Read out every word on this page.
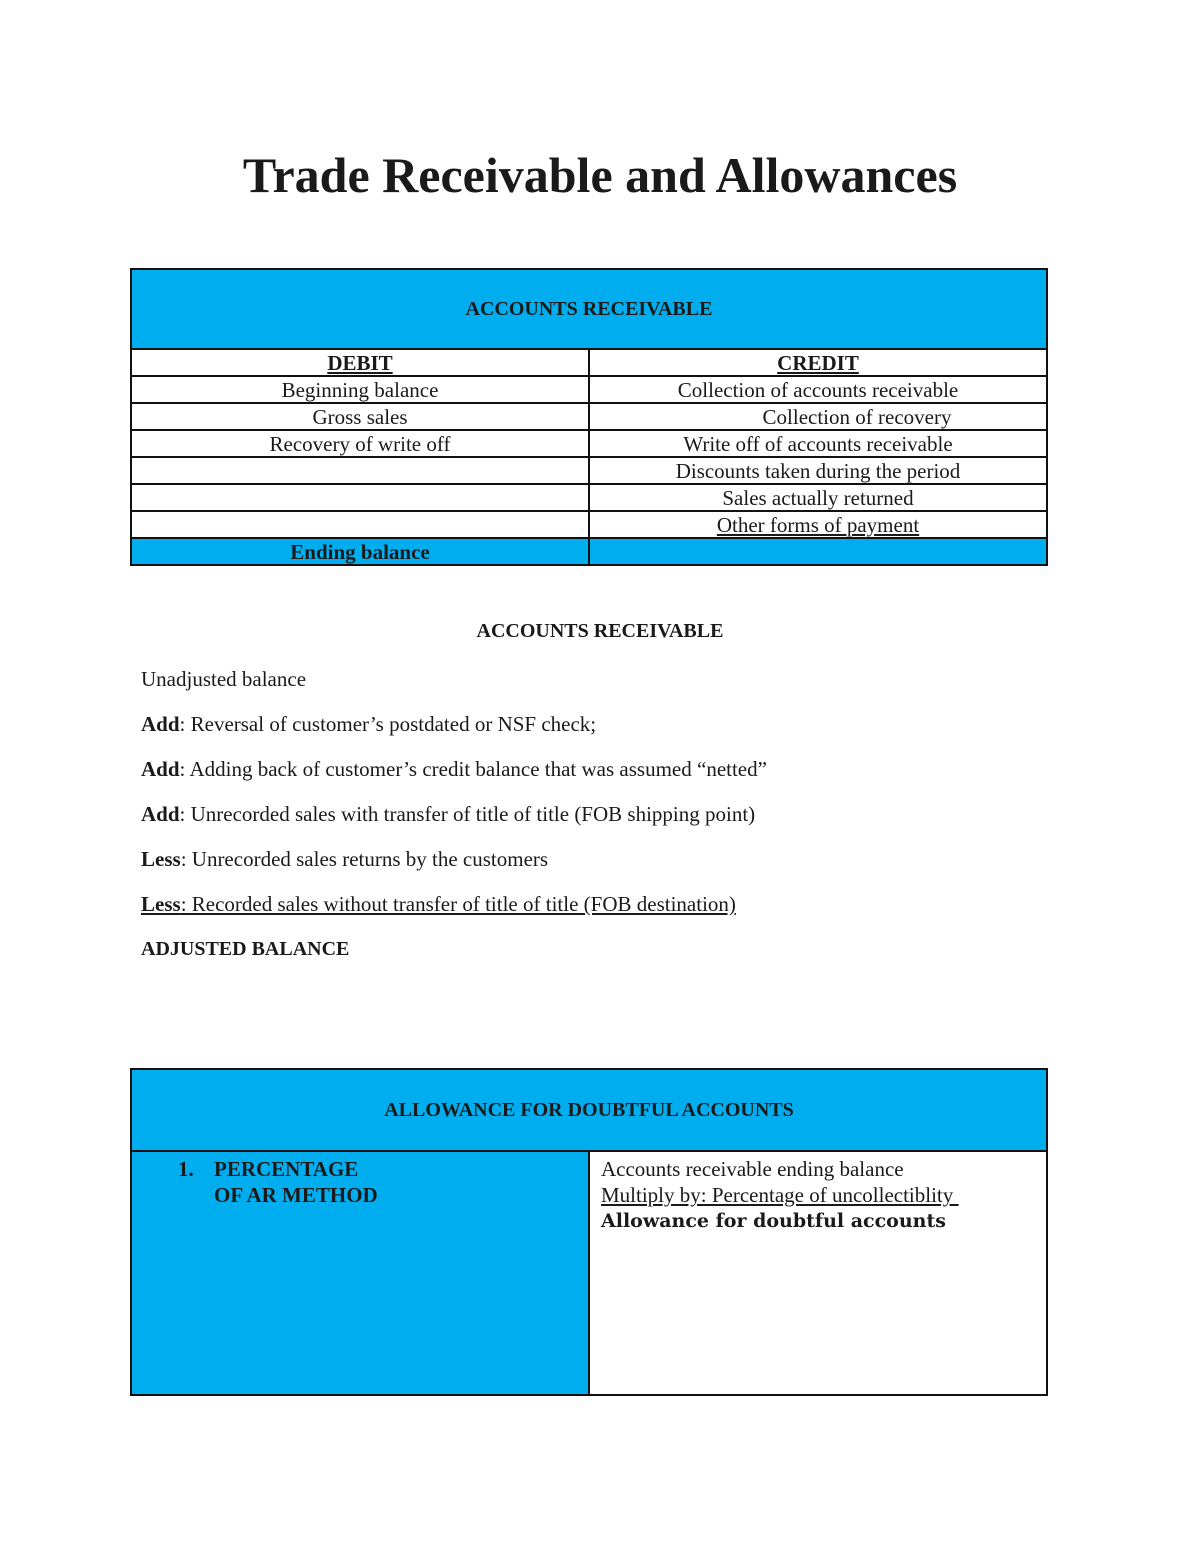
Trade Receivable and Allowances
ACCOUNTS RECEIVABLE	
DEBIT	CREDIT
Beginning balance	Collection of accounts receivable
Gross sales	Collection of recovery
Recovery of write off	Write off of accounts receivable
	Discounts taken during the period
	Sales actually returned
	Other forms of payment
Ending balance	
ACCOUNTS RECEIVABLE
Unadjusted balance
Add: Reversal of customer’s postdated or NSF check;
Add: Adding back of customer’s credit balance that was assumed “netted”
Add: Unrecorded sales with transfer of title of title (FOB shipping point)
Less: Unrecorded sales returns by the customers
Less: Recorded sales without transfer of title of title (FOB destination)
ADJUSTED BALANCE
ALLOWANCE FOR DOUBTFUL ACCOUNTS

1. PERCENTAGE OF AR METHOD

Accounts receivable ending balance
Multiply by: Percentage of uncollectiblity
Allowance for doubtful accounts
